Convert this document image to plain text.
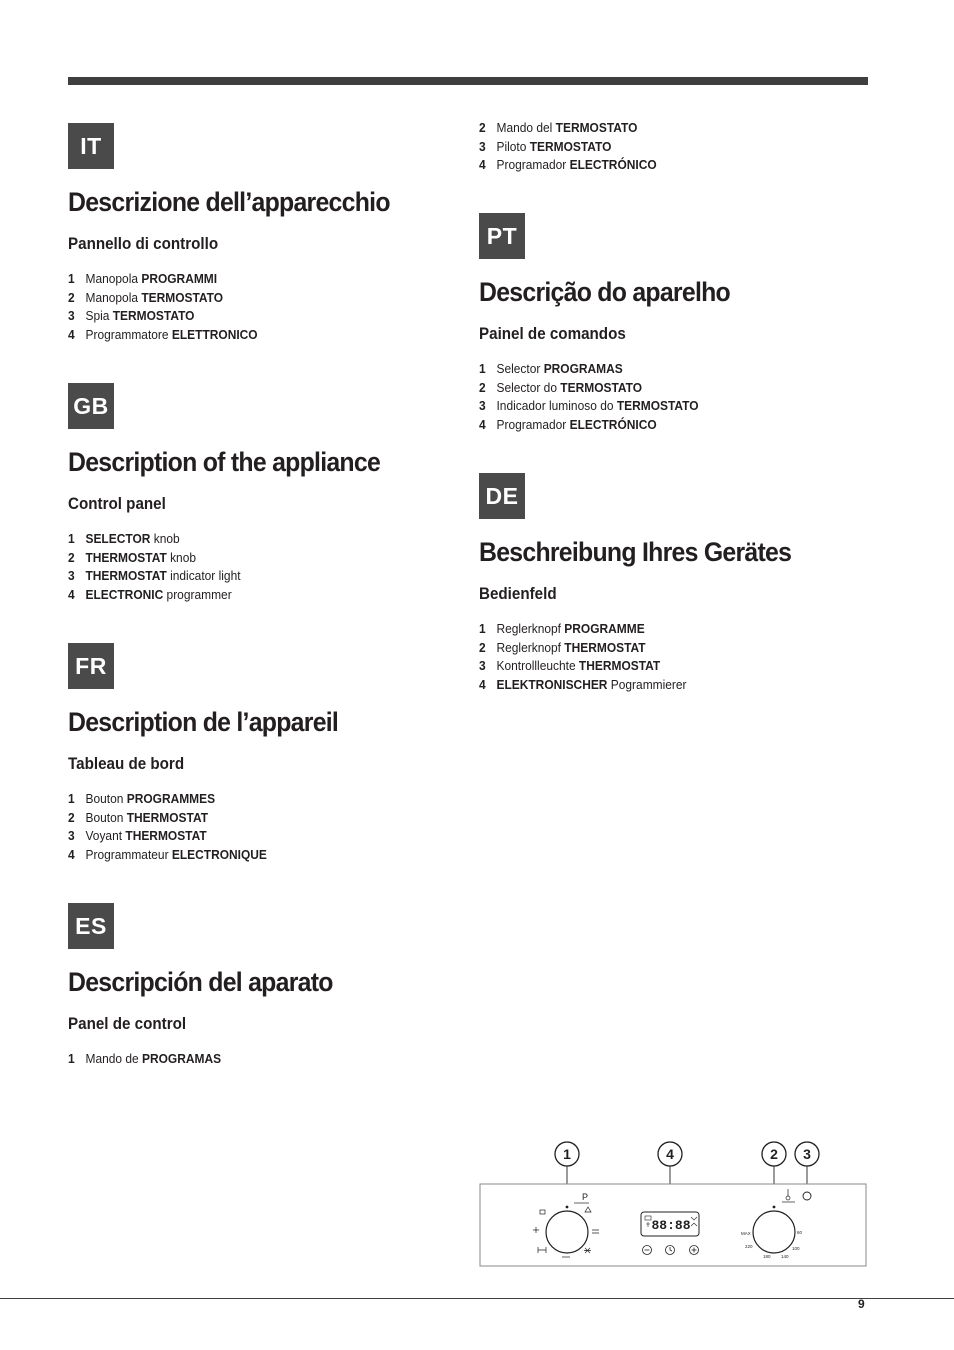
IT
Descrizione dell’apparecchio
Pannello di controllo
1 Manopola PROGRAMMI
2 Manopola TERMOSTATO
3 Spia TERMOSTATO
4 Programmatore ELETTRONICO
GB
Description of the appliance
Control panel
1 SELECTOR knob
2 THERMOSTAT knob
3 THERMOSTAT indicator light
4 ELECTRONIC programmer
FR
Description de l’appareil
Tableau de bord
1 Bouton PROGRAMMES
2 Bouton THERMOSTAT
3 Voyant THERMOSTAT
4 Programmateur ELECTRONIQUE
ES
Descripción del aparato
Panel de control
1 Mando de PROGRAMAS
2 Mando del TERMOSTATO
3 Piloto TERMOSTATO
4 Programador ELECTRÓNICO
PT
Descrição do aparelho
Painel de comandos
1 Selector PROGRAMAS
2 Selector do TERMOSTATO
3 Indicador luminoso do TERMOSTATO
4 Programador ELECTRÓNICO
DE
Beschreibung Ihres Gerätes
Bedienfeld
1 Reglerknopf PROGRAMME
2 Reglerknopf THERMOSTAT
3 Kontrollleuchte THERMOSTAT
4 ELEKTRONISCHER Pogrammierer
1	4	2 3
P
88:88
MAX	60
100
140
180
220
9
